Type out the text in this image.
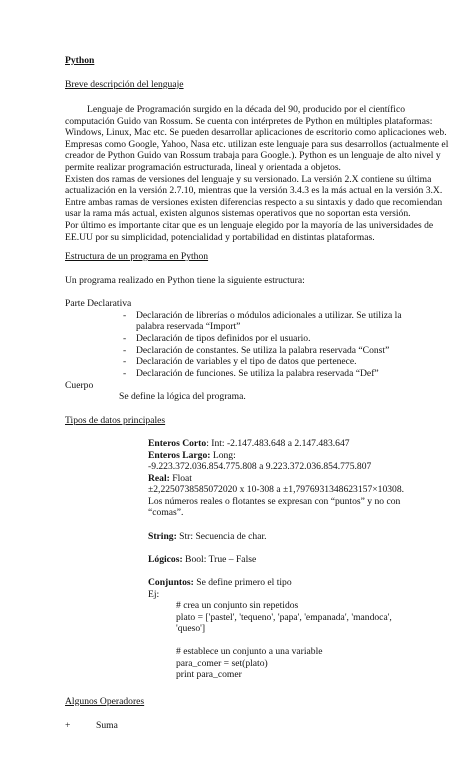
Python
Breve descripción del lenguaje
Lenguaje de Programación surgido en la década del 90, producido por el científico
computación Guido van Rossum. Se cuenta con intérpretes de Python en múltiples plataformas:
Windows, Linux, Mac etc. Se pueden desarrollar aplicaciones de escritorio como aplicaciones web.
Empresas como Google, Yahoo, Nasa etc. utilizan este lenguaje para sus desarrollos (actualmente el
creador de Python Guido van Rossum trabaja para Google.). Python es un lenguaje de alto nivel y
permite realizar programación estructurada, lineal y orientada a objetos.
Existen dos ramas de versiones del lenguaje y su versionado. La versión 2.X contiene su última
actualización en la versión 2.7.10, mientras que la versión 3.4.3 es la más actual en la versión 3.X.
Entre ambas ramas de versiones existen diferencias respecto a su sintaxis y dado que recomiendan
usar la rama más actual, existen algunos sistemas operativos que no soportan esta versión.
Por último es importante citar que es un lenguaje elegido por la mayoría de las universidades de
EE.UU por su simplicidad, potencialidad y portabilidad en distintas plataformas.
Estructura de un programa en Python
Un programa realizado en Python tiene la siguiente estructura:
Parte Declarativa
- Declaración de librerías o módulos adicionales a utilizar. Se utiliza la
palabra reservada “Import”
- Declaración de tipos definidos por el usuario.
- Declaración de constantes. Se utiliza la palabra reservada “Const”
- Declaración de variables y el tipo de datos que pertenece.
- Declaración de funciones. Se utiliza la palabra reservada “Def”
Cuerpo
Se define la lógica del programa.
Tipos de datos principales
Enteros Corto: Int: -2.147.483.648 a 2.147.483.647
Enteros Largo: Long:
-9.223.372.036.854.775.808 a 9.223.372.036.854.775.807
Real: Float
±2,2250738585072020 x 10-308 a ±1,7976931348623157×10308.
Los números reales o flotantes se expresan con “puntos” y no con
“comas”.
String: Str: Secuencia de char.
Lógicos: Bool: True – False
Conjuntos: Se define primero el tipo
Ej:
# crea un conjunto sin repetidos
plato = ['pastel', 'tequeno', 'papa', 'empanada', 'mandoca',
'queso']
# establece un conjunto a una variable
para_comer = set(plato)
print para_comer
Algunos Operadores
+	Suma
